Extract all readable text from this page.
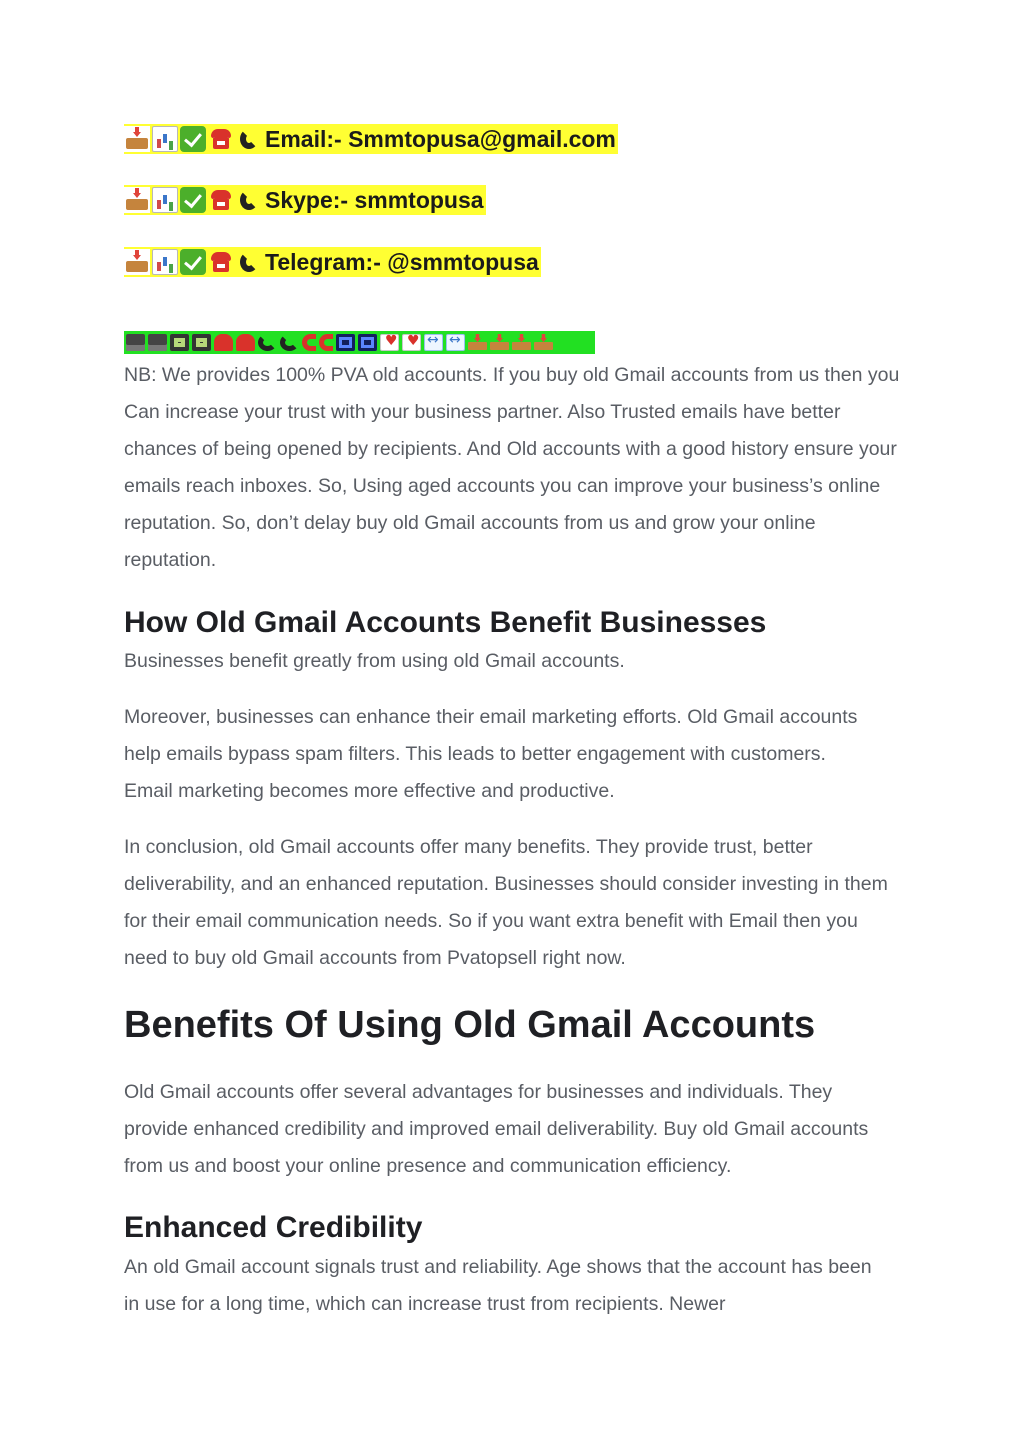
Email:- Smmtopusa@gmail.com
Skype:- smmtopusa
Telegram:- @smmtopusa
♥
♥
↔
↔

NB: We provides 100% PVA old accounts. If you buy old Gmail accounts from us then you Can increase your trust with your business partner. Also Trusted emails have better chances of being opened by recipients. And Old accounts with a good history ensure your emails reach inboxes. So, Using aged accounts you can improve your business’s online reputation. So, don’t delay buy old Gmail accounts from us and grow your online reputation.

How Old Gmail Accounts Benefit Businesses

Businesses benefit greatly from using old Gmail accounts.

Moreover, businesses can enhance their email marketing efforts. Old Gmail accounts help emails bypass spam filters. This leads to better engagement with customers. Email marketing becomes more effective and productive.

In conclusion, old Gmail accounts offer many benefits. They provide trust, better deliverability, and an enhanced reputation. Businesses should consider investing in them for their email communication needs. So if you want extra benefit with Email then you need to buy old Gmail accounts from Pvatopsell right now.

Benefits Of Using Old Gmail Accounts

Old Gmail accounts offer several advantages for businesses and individuals. They provide enhanced credibility and improved email deliverability. Buy old Gmail accounts from us and boost your online presence and communication efficiency.

Enhanced Credibility

An old Gmail account signals trust and reliability. Age shows that the account has been in use for a long time, which can increase trust from recipients. Newer
